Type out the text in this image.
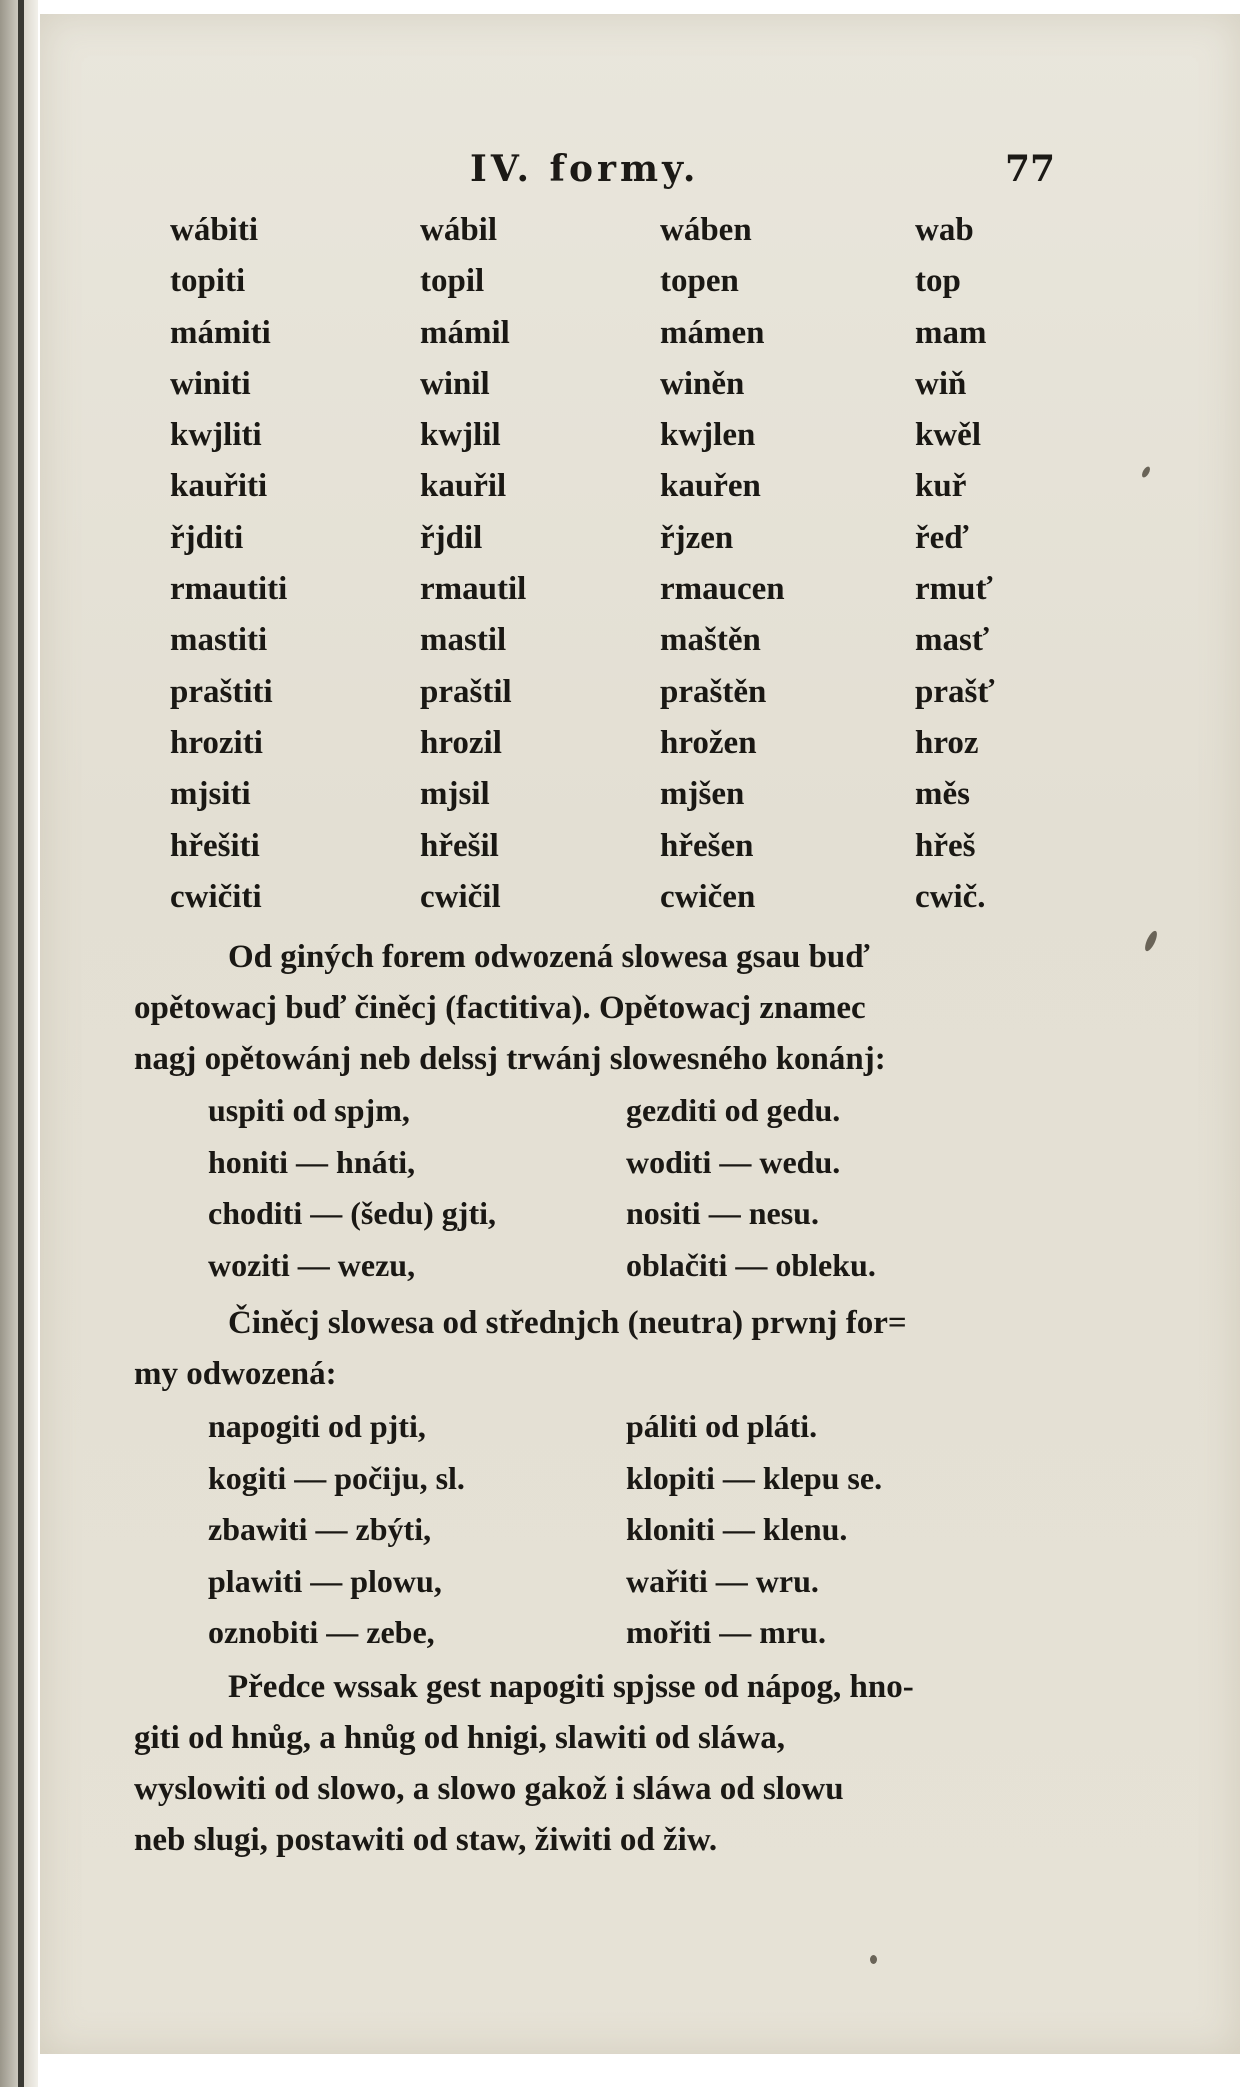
IV. formy.	77
wábiti	wábil	wáben	wab
topiti	topil	topen	top
mámiti	mámil	mámen	mam
winiti	winil	winěn	wiň
kwjliti	kwjlil	kwjlen	kwěl
kauřiti	kauřil	kauřen	kuř
řjditi	řjdil	řjzen	řeď
rmautiti	rmautil	rmaucen	rmuť
mastiti	mastil	maštěn	masť
praštiti	praštil	praštěn	prašť
hroziti	hrozil	hrožen	hroz
mjsiti	mjsil	mjšen	měs
hřešiti	hřešil	hřešen	hřeš
cwičiti	cwičil	cwičen	cwič.
Od giných forem odwozená slowesa gsau buď
opětowacj buď činěcj (factitiva). Opětowacj znamec
nagj opětowánj neb delssj trwánj slowesného konánj:
uspiti od spjm,	gezditi od gedu.
honiti — hnáti,	woditi — wedu.
choditi — (šedu) gjti,	nositi — nesu.
woziti — wezu,	oblačiti — obleku.
Činěcj slowesa od střednjch (neutra) prwnj for=
my odwozená:
napogiti od pjti,	páliti od pláti.
kogiti — počiju, sl.	klopiti — klepu se.
zbawiti — zbýti,	kloniti — klenu.
plawiti — plowu,	wařiti — wru.
oznobiti — zebe,	mořiti — mru.
Předce wssak gest napogiti spjsse od nápog, hno-
giti od hnůg, a hnůg od hnigi, slawiti od sláwa,
wyslowiti od slowo, a slowo gakož i sláwa od slowu
neb slugi, postawiti od staw, žiwiti od žiw.
